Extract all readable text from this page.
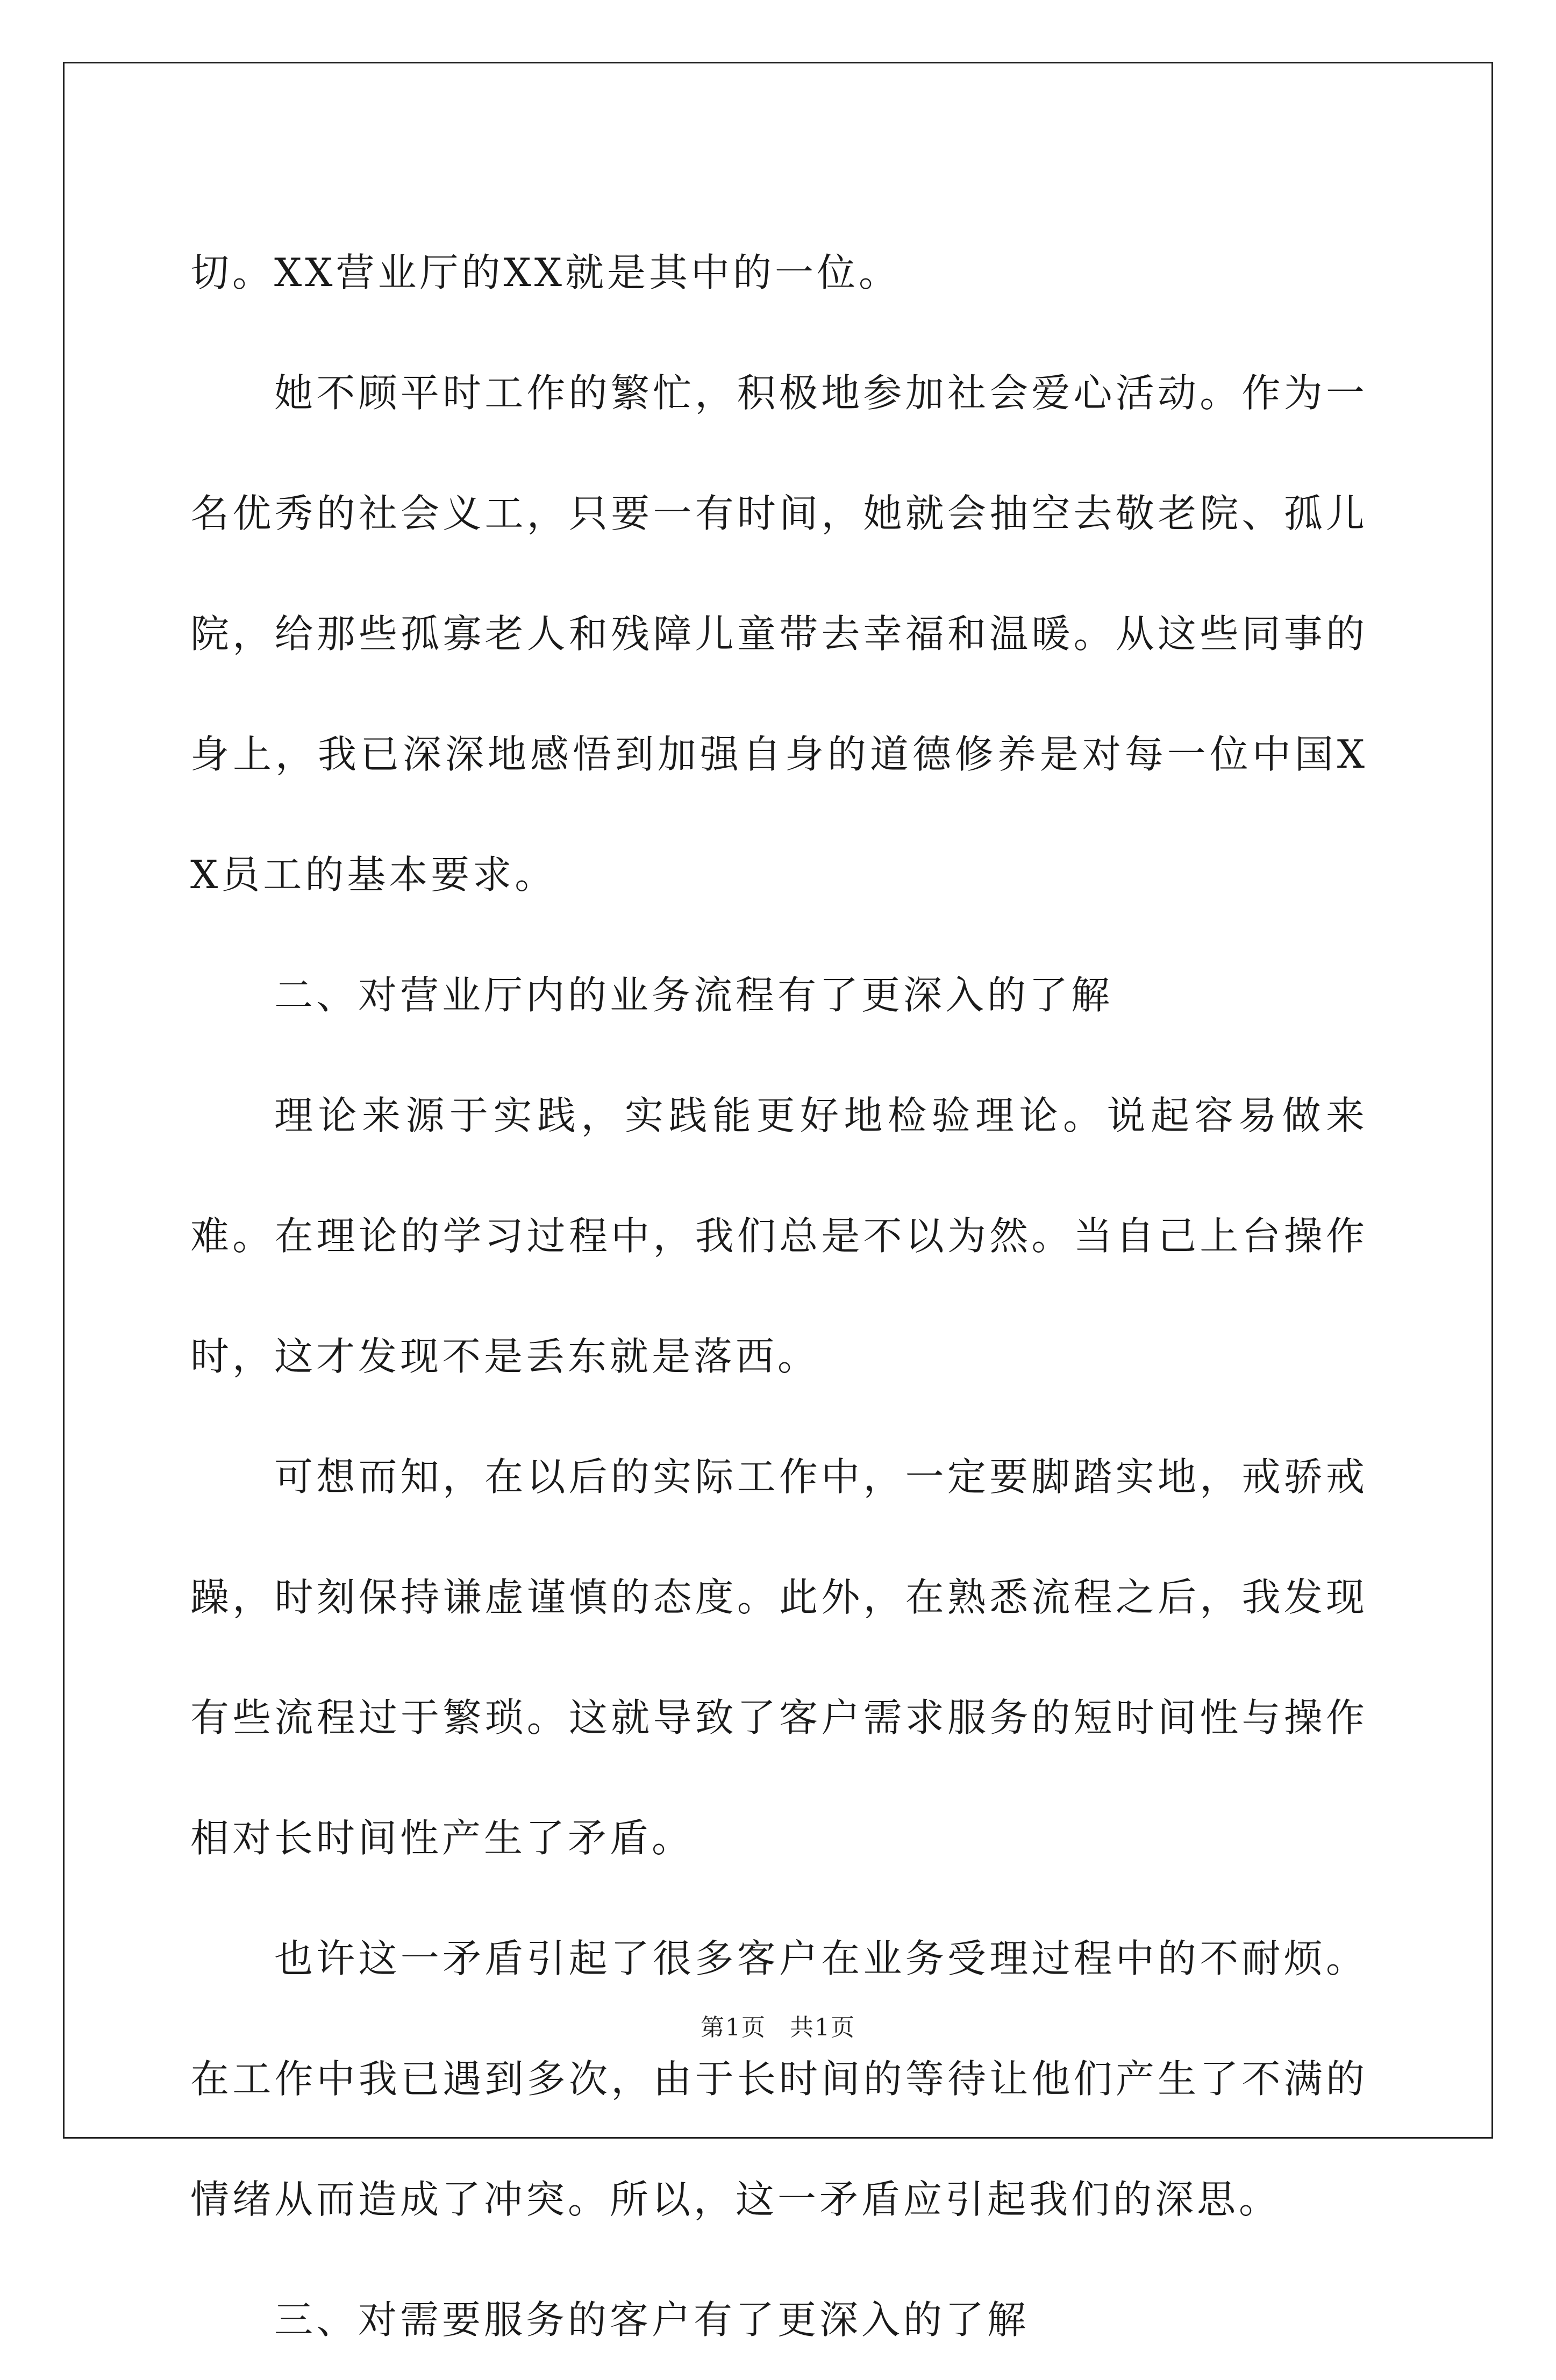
切。XX营业厅的XX就是其中的一位。

她不顾平时工作的繁忙，积极地参加社会爱心活动。作为一名优秀的社会义工，只要一有时间，她就会抽空去敬老院、孤儿院，给那些孤寡老人和残障儿童带去幸福和温暖。从这些同事的身上，我已深深地感悟到加强自身的道德修养是对每一位中国XX员工的基本要求。

二、对营业厅内的业务流程有了更深入的了解

理论来源于实践，实践能更好地检验理论。说起容易做来难。在理论的学习过程中，我们总是不以为然。当自己上台操作时，这才发现不是丢东就是落西。

可想而知，在以后的实际工作中，一定要脚踏实地，戒骄戒躁，时刻保持谦虚谨慎的态度。此外，在熟悉流程之后，我发现有些流程过于繁琐。这就导致了客户需求服务的短时间性与操作相对长时间性产生了矛盾。

也许这一矛盾引起了很多客户在业务受理过程中的不耐烦。在工作中我已遇到多次，由于长时间的等待让他们产生了不满的情绪从而造成了冲突。所以，这一矛盾应引起我们的深思。

三、对需要服务的客户有了更深入的了解

第1页 共1页
